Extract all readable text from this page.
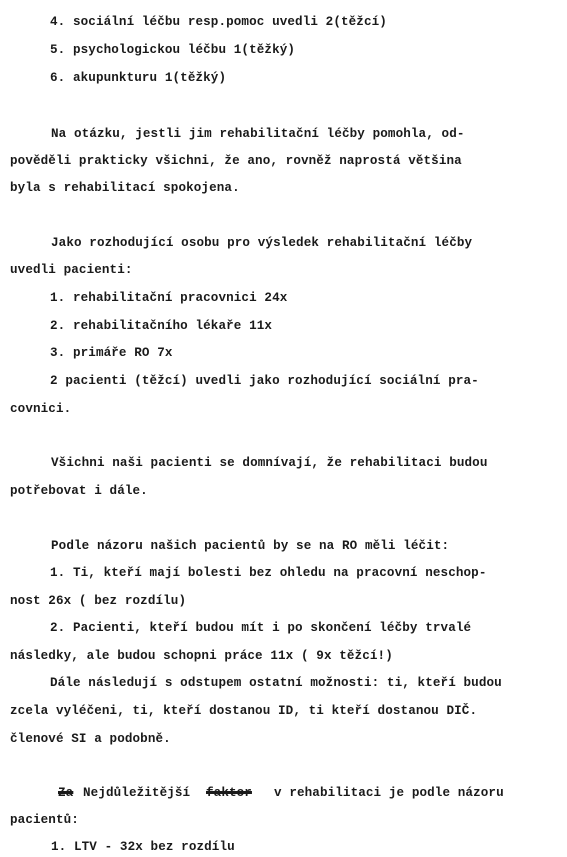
4. sociální léčbu resp.pomoc uvedli 2(těžcí)
5. psychologickou léčbu 1(těžký)
6. akupunkturu 1(těžký)
Na otázku, jestli jim rehabilitační léčby pomohla, od-
pověděli prakticky všichni, že ano, rovněž naprostá většina
byla s rehabilitací spokojena.
Jako rozhodující osobu pro výsledek rehabilitační léčby
uvedli pacienti:
1. rehabilitační pracovnici 24x
2. rehabilitačního lékaře 11x
3. primáře RO 7x
2 pacienti (těžcí) uvedli jako rozhodující sociální pra-
covnici.
Všichni naši pacienti se domnívají, že rehabilitaci budou
potřebovat i dále.
Podle názoru našich pacientů by se na RO měli léčit:
1. Ti, kteří mají bolesti bez ohledu na pracovní neschop-
nost 26x ( bez rozdílu)
2. Pacienti, kteří budou mít i po skončení léčby trvalé
následky, ale budou schopni práce 11x ( 9x těžcí!)
Dále následují s odstupem ostatní možnosti: ti, kteří budou
zcela vyléčeni, ti, kteří dostanou ID, ti kteří dostanou DIČ.
členové SI a podobně.
Za Nejdůležitější faktor v rehabilitaci je podle názoru
pacientů:
1. LTV - 32x bez rozdílu
